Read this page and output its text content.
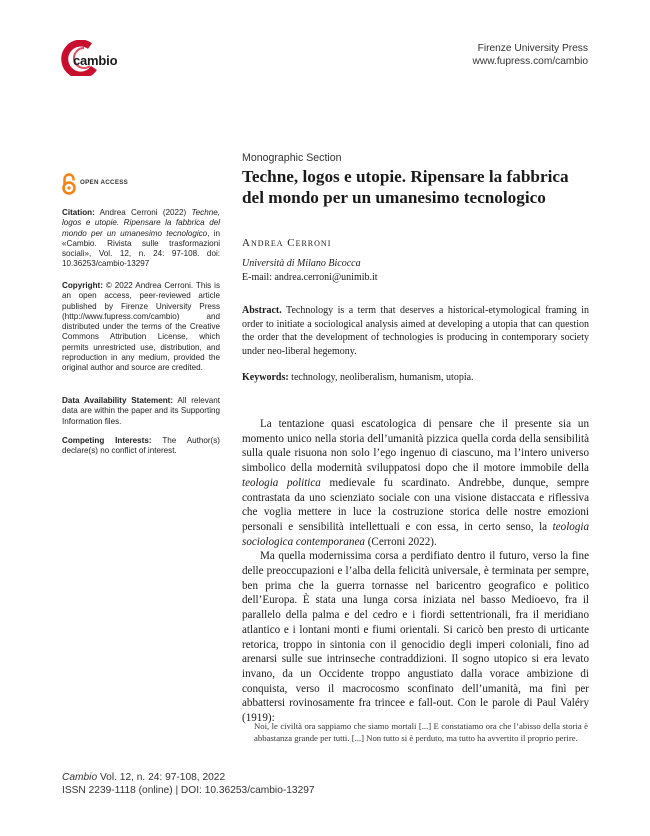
cambio
Firenze University Press
www.fupress.com/cambio
OPEN ACCESS
Citation: Andrea Cerroni (2022) Techne, logos e utopie. Ripensare la fabbrica del mondo per un umanesimo tecnologico, in «Cambio. Rivista sulle trasformazioni sociali», Vol. 12, n. 24: 97-108. doi: 10.36253/cambio-13297
Copyright: © 2022 Andrea Cerroni. This is an open access, peer-reviewed article published by Firenze University Press (http://www.fupress.com/cambio) and distributed under the terms of the Creative Commons Attribution License, which permits unrestricted use, distribution, and reproduction in any medium, provided the original author and source are credited.
Data Availability Statement: All relevant data are within the paper and its Supporting Information files.
Competing Interests: The Author(s) declare(s) no conflict of interest.
Monographic Section
Techne, logos e utopie. Ripensare la fabbrica del mondo per un umanesimo tecnologico
Andrea Cerroni
Università di Milano Bicocca
E-mail: andrea.cerroni@unimib.it
Abstract. Technology is a term that deserves a historical-etymological framing in order to initiate a sociological analysis aimed at developing a utopia that can question the order that the development of technologies is producing in contemporary society under neo-liberal hegemony.
Keywords: technology, neoliberalism, humanism, utopia.

La tentazione quasi escatologica di pensare che il presente sia un momento unico nella storia dell’umanità pizzica quella corda della sensibilità sulla quale risuona non solo l’ego ingenuo di ciascuno, ma l’intero universo simbolico della modernità sviluppatosi dopo che il motore immobile della teologia politica medievale fu scardinato. Andrebbe, dunque, sempre contrastata da uno scienziato sociale con una visione distaccata e riflessiva che voglia mettere in luce la costruzione storica delle nostre emozioni personali e sensibilità intellettuali e con essa, in certo senso, la teologia sociologica contemporanea (Cerroni 2022).

Ma quella modernissima corsa a perdifiato dentro il futuro, verso la fine delle preoccupazioni e l’alba della felicità universale, è terminata per sempre, ben prima che la guerra tornasse nel baricentro geografico e politico dell’Europa. È stata una lunga corsa iniziata nel basso Medioevo, fra il parallelo della palma e del cedro e i fiordi settentrionali, fra il meridiano atlantico e i lontani monti e fiumi orientali. Si caricò ben presto di urticante retorica, troppo in sintonia con il genocidio degli imperi coloniali, fino ad arenarsi sulle sue intrinseche contraddizioni. Il sogno utopico si era levato invano, da un Occidente troppo angustiato dalla vorace ambizione di conquista, verso il macrocosmo sconfinato dell’umanità, ma finì per abbattersi rovinosamente fra trincee e fall-out. Con le parole di Paul Valéry (1919):

Noi, le civiltà ora sappiamo che siamo mortali [...] E constatiamo ora che l’abisso della storia è abbastanza grande per tutti. [...] Non tutto si è perduto, ma tutto ha avvertito il proprio perire.
Cambio Vol. 12, n. 24: 97-108, 2022
ISSN 2239-1118 (online) | DOI: 10.36253/cambio-13297
